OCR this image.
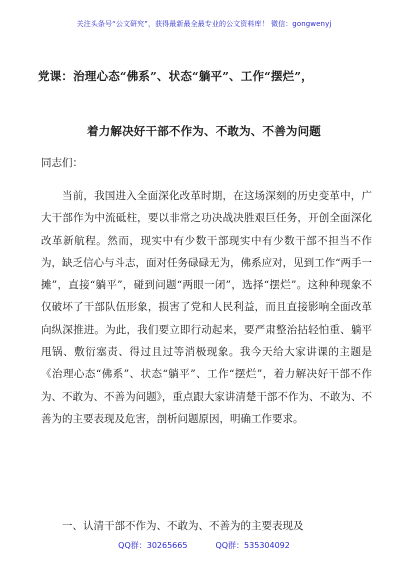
关注头条号“公文研究”，获得最新最全最专业的公文资料库！ 微信：gongwenyj
党课：治理心态“佛系”、状态“躺平”、工作“摆烂”，
着力解决好干部不作为、不敢为、不善为问题
同志们：

当前，我国进入全面深化改革时期，在这场深刻的历史变革中，广大干部作为中流砥柱，要以非常之功决战决胜艰巨任务，开创全面深化改革新航程。然而，现实中有少数干部现实中有少数干部不担当不作为，缺乏信心与斗志，面对任务碌碌无为，佛系应对，见到工作“两手一摊”，直接“躺平”，碰到问题“两眼一闭”，选择“摆烂”。这种种现象不仅破坏了干部队伍形象，损害了党和人民利益，而且直接影响全面改革向纵深推进。为此，我们要立即行动起来，要严肃整治拈轻怕重、躺平甩锅、敷衍塞责、得过且过等消极现象。我今天给大家讲课的主题是《治理心态“佛系”、状态“躺平”、工作“摆烂”，着力解决好干部不作为、不敢为、不善为问题》，重点跟大家讲清楚干部不作为、不敢为、不善为的主要表现及危害，剖析问题原因，明确工作要求。

一、认清干部不作为、不敢为、不善为的主要表现及

QQ群：30265665	QQ群：535304092
